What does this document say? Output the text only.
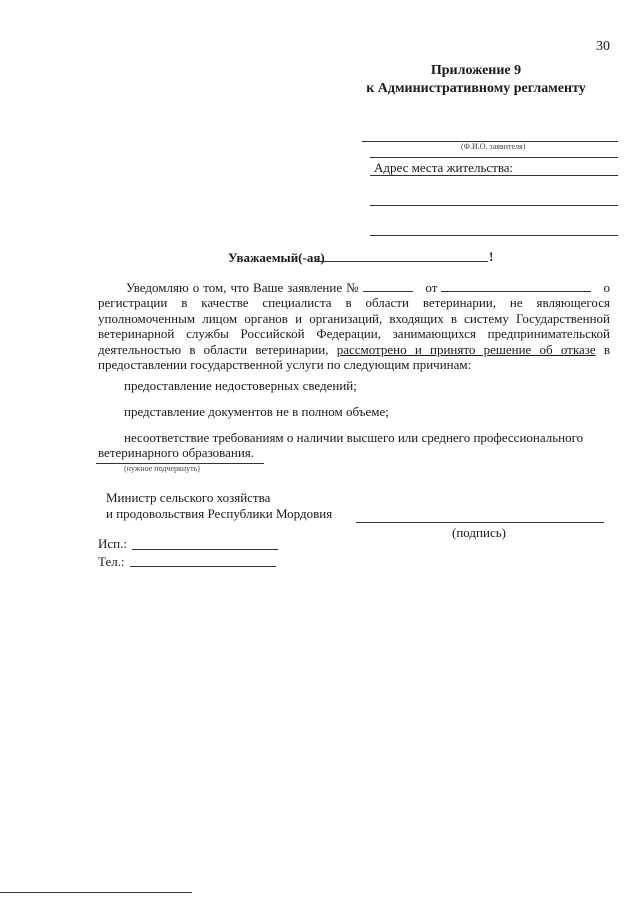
30
Приложение 9
к Административному регламенту
(Ф.И.О. заявителя)
Адрес места жительства:
Уважаемый(-ая)	!
Уведомляю о том, что Ваше заявление №	от	о регистрации в качестве специалиста в области ветеринарии, не являющегося уполномоченным лицом органов и организаций, входящих в систему Государственной ветеринарной службы Российской Федерации, занимающихся предпринимательской деятельностью в области ветеринарии, рассмотрено и принято решение об отказе в предоставлении государственной услуги по следующим причинам:
предоставление недостоверных сведений;
представление документов не в полном объеме;
несоответствие требованиям о наличии высшего или среднего профессионального ветеринарного образования.
(нужное подчеркнуть)
Министр сельского хозяйства
и продовольствия Республики Мордовия
(подпись)
Исп.:
Тел.:
